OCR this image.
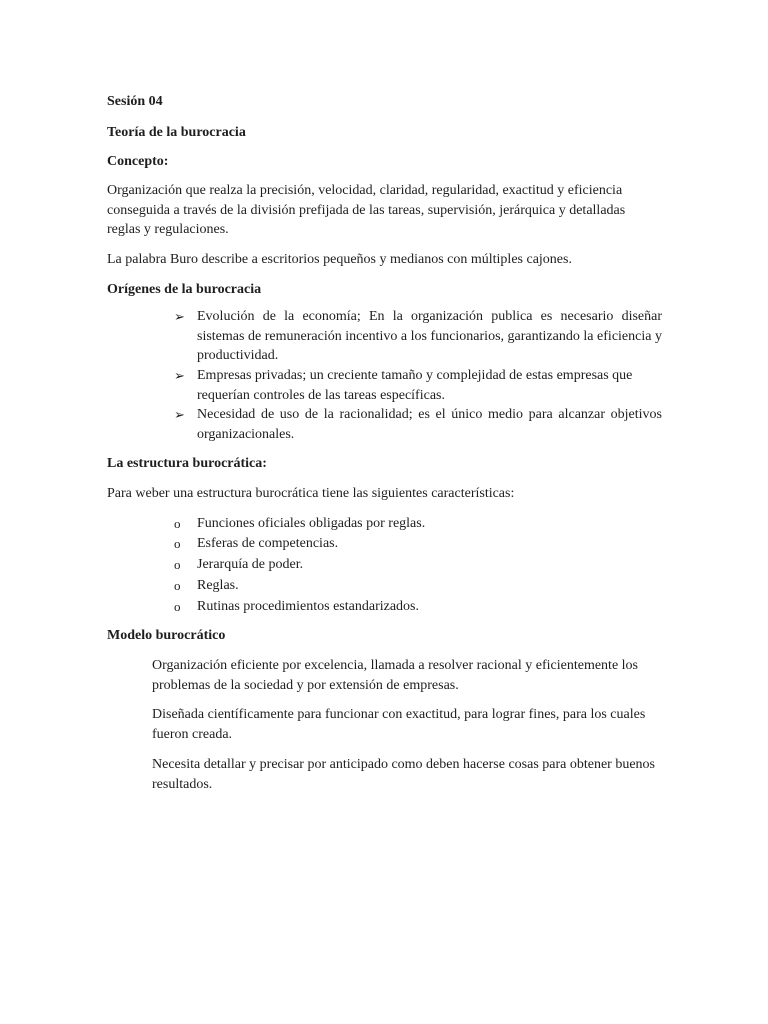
Sesión 04
Teoría de la burocracia
Concepto:
Organización que realza la precisión, velocidad, claridad, regularidad, exactitud y eficiencia conseguida a través de la división prefijada de las tareas, supervisión, jerárquica y detalladas reglas y regulaciones.
La palabra Buro describe a escritorios pequeños y medianos con múltiples cajones.
Orígenes de la burocracia
➢ Evolución de la economía; En la organización publica es necesario diseñar sistemas de remuneración incentivo a los funcionarios, garantizando la eficiencia y productividad.
➢ Empresas privadas; un creciente tamaño y complejidad de estas empresas que requerían controles de las tareas específicas.
➢ Necesidad de uso de la racionalidad; es el único medio para alcanzar objetivos organizacionales.
La estructura burocrática:
Para weber una estructura burocrática tiene las siguientes características:
o Funciones oficiales obligadas por reglas.
o Esferas de competencias.
o Jerarquía de poder.
o Reglas.
o Rutinas procedimientos estandarizados.
Modelo burocrático
Organización eficiente por excelencia, llamada a resolver racional y eficientemente los problemas de la sociedad y por extensión de empresas.
Diseñada científicamente para funcionar con exactitud, para lograr fines, para los cuales fueron creada.
Necesita detallar y precisar por anticipado como deben hacerse cosas para obtener buenos resultados.
